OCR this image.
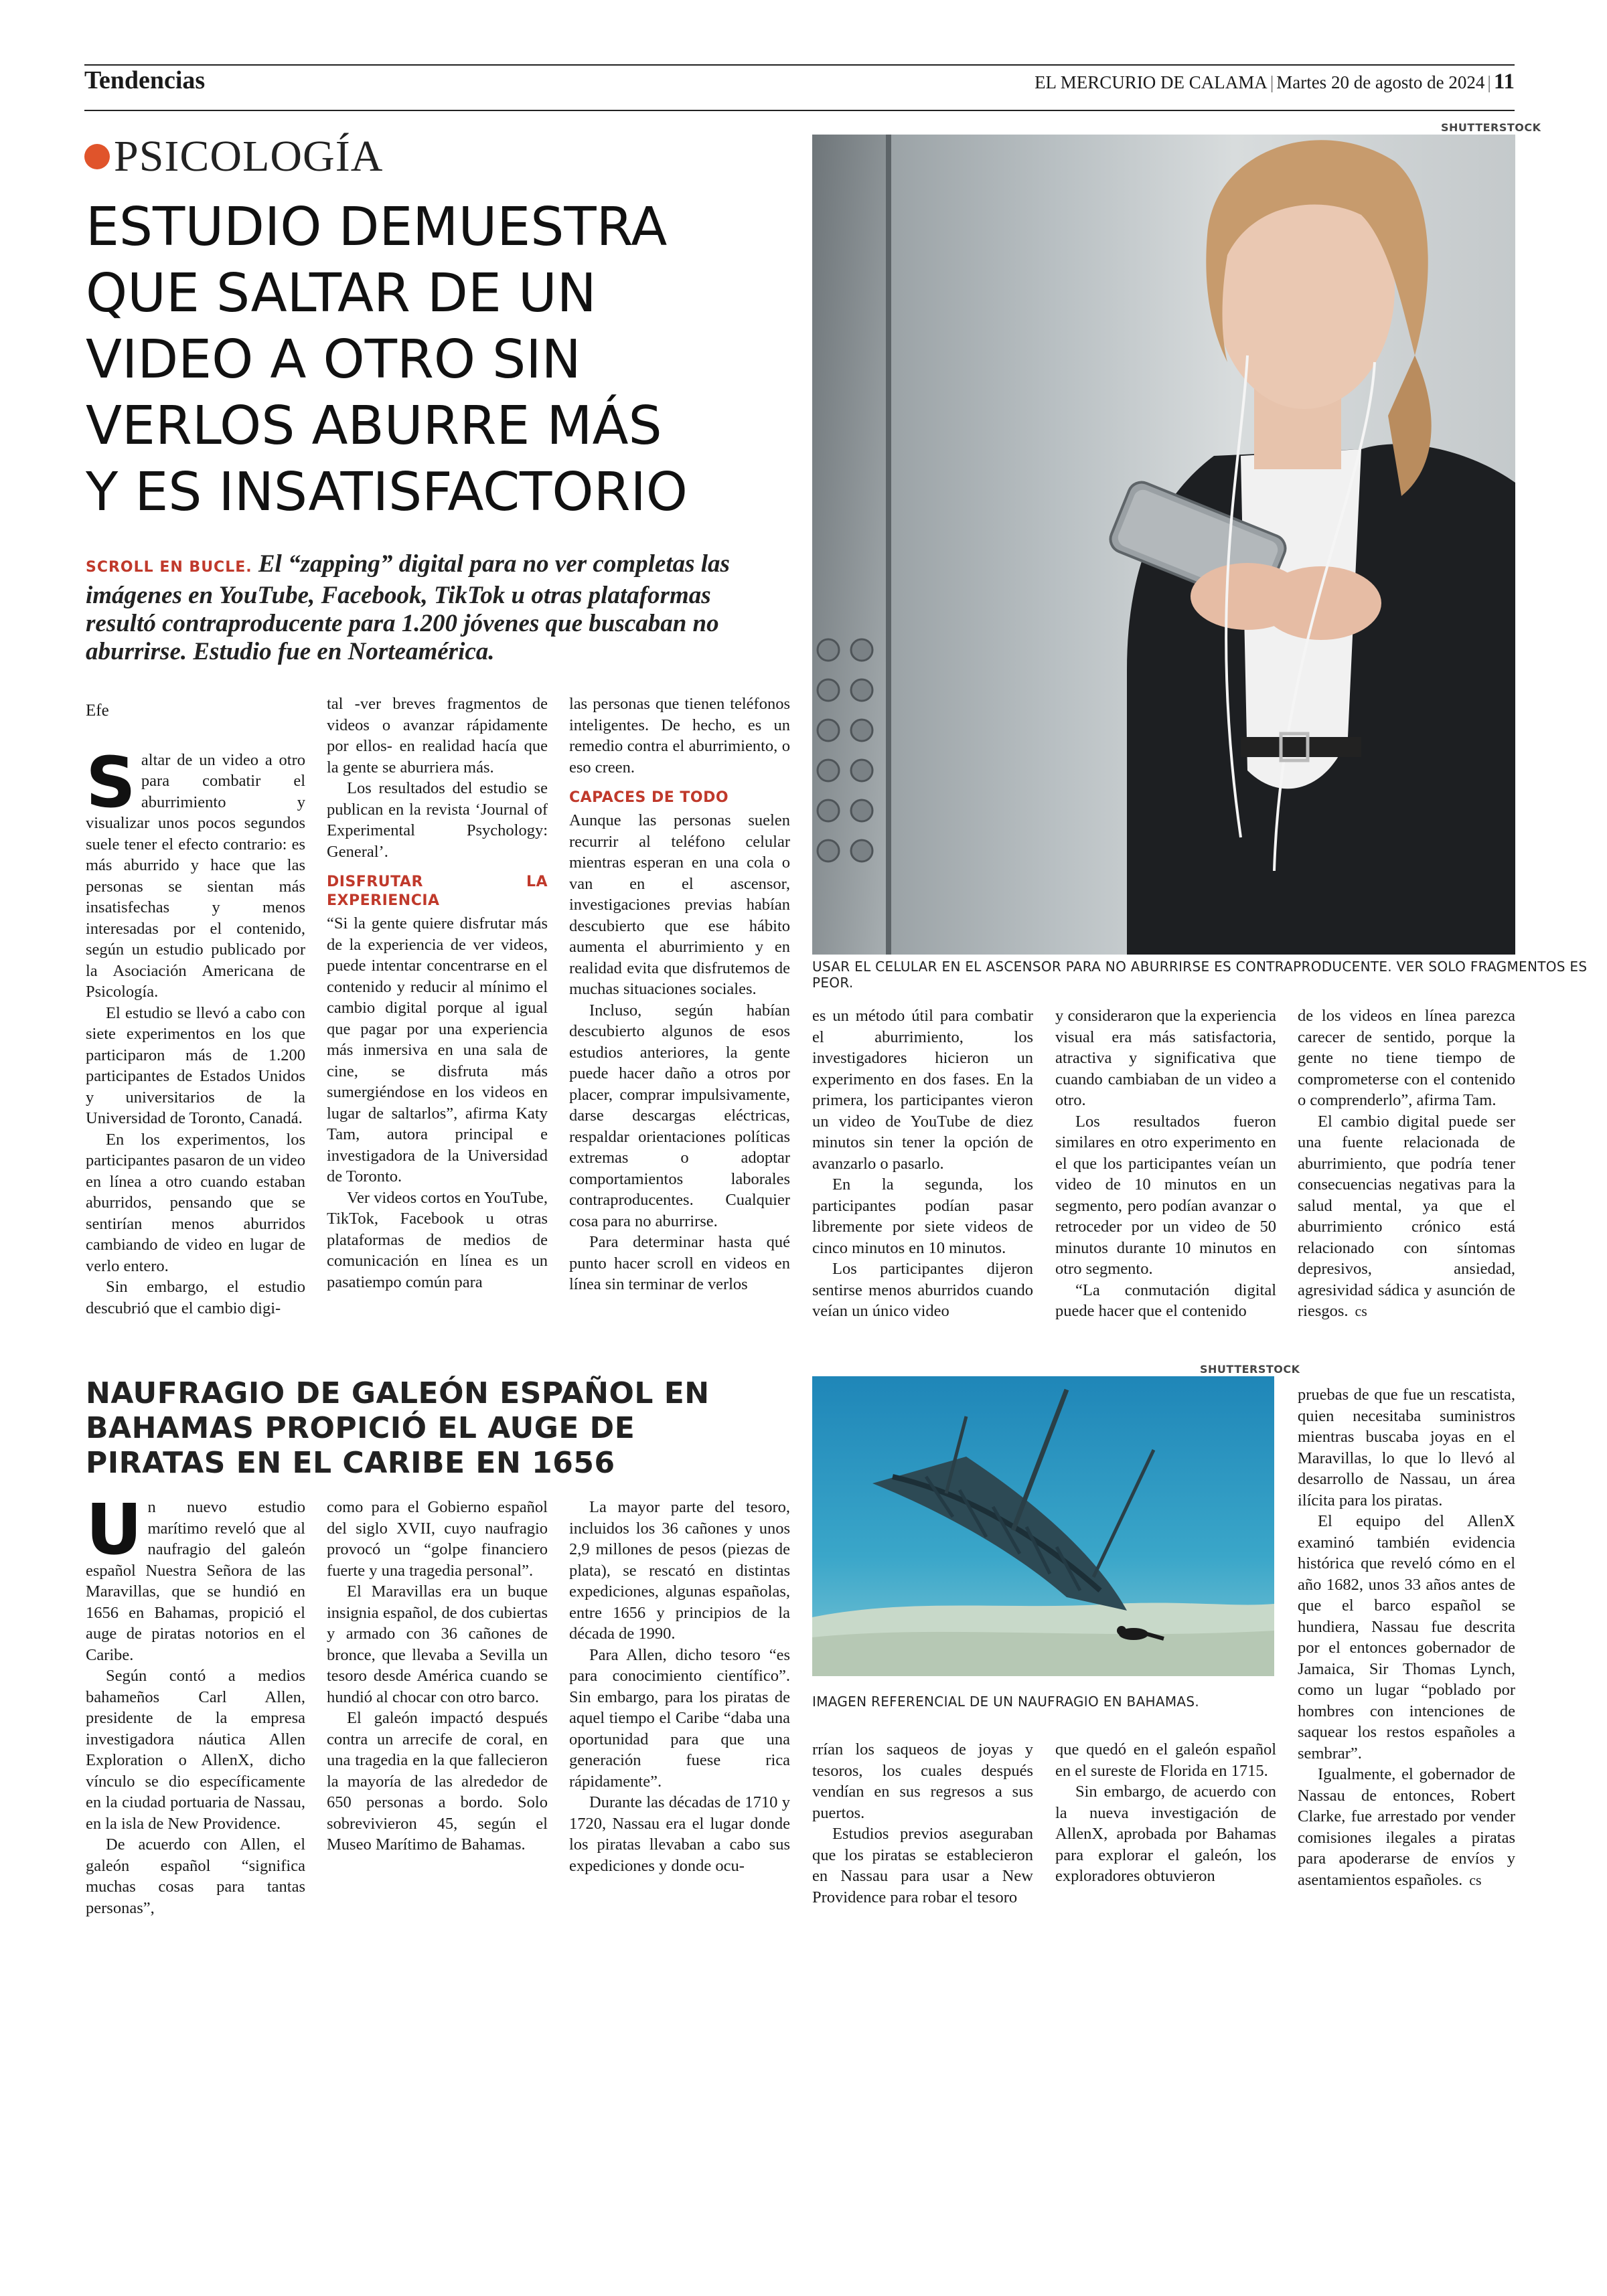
Tendencias	EL MERCURIO DE CALAMA | Martes 20 de agosto de 2024 | 11
PSICOLOGÍA
ESTUDIO DEMUESTRA
QUE SALTAR DE UN
VIDEO A OTRO SIN
VERLOS ABURRE MÁS
Y ES INSATISFACTORIO
SCROLL EN BUCLE. El “zapping” digital para no ver completas las imágenes en YouTube, Facebook, TikTok u otras plataformas resultó contraproducente para 1.200 jóvenes que buscaban no aburrirse. Estudio fue en Norteamérica.
SHUTTERSTOCK
USAR EL CELULAR EN EL ASCENSOR PARA NO ABURRIRSE ES CONTRAPRODUCENTE. VER SOLO FRAGMENTOS ES PEOR.
Efe

Saltar de un video a otro para combatir el aburrimiento y visualizar unos pocos segundos suele tener el efecto contrario: es más aburrido y hace que las personas se sientan más insatisfechas y menos interesadas por el contenido, según un estudio publicado por la Asociación Americana de Psicología.

El estudio se llevó a cabo con siete experimentos en los que participaron más de 1.200 participantes de Estados Unidos y universitarios de la Universidad de Toronto, Canadá.

En los experimentos, los participantes pasaron de un video en línea a otro cuando estaban aburridos, pensando que se sentirían menos aburridos cambiando de video en lugar de verlo entero.

Sin embargo, el estudio descubrió que el cambio digi-

tal -ver breves fragmentos de videos o avanzar rápidamente por ellos- en realidad hacía que la gente se aburriera más.

Los resultados del estudio se publican en la revista ‘Journal of Experimental Psychology: General’.

DISFRUTAR LA EXPERIENCIA

“Si la gente quiere disfrutar más de la experiencia de ver videos, puede intentar concentrarse en el contenido y reducir al mínimo el cambio digital porque al igual que pagar por una experiencia más inmersiva en una sala de cine, se disfruta más sumergiéndose en los videos en lugar de saltarlos”, afirma Katy Tam, autora principal e investigadora de la Universidad de Toronto.

Ver videos cortos en YouTube, TikTok, Facebook u otras plataformas de medios de comunicación en línea es un pasatiempo común para

las personas que tienen teléfonos inteligentes. De hecho, es un remedio contra el aburrimiento, o eso creen.

CAPACES DE TODO

Aunque las personas suelen recurrir al teléfono celular mientras esperan en una cola o van en el ascensor, investigaciones previas habían descubierto que ese hábito aumenta el aburrimiento y en realidad evita que disfrutemos de muchas situaciones sociales.

Incluso, según habían descubierto algunos de esos estudios anteriores, la gente puede hacer daño a otros por placer, comprar impulsivamente, darse descargas eléctricas, respaldar orientaciones políticas extremas o adoptar comportamientos laborales contraproducentes. Cualquier cosa para no aburrirse.

Para determinar hasta qué punto hacer scroll en videos en línea sin terminar de verlos

es un método útil para combatir el aburrimiento, los investigadores hicieron un experimento en dos fases. En la primera, los participantes vieron un video de YouTube de diez minutos sin tener la opción de avanzarlo o pasarlo.

En la segunda, los participantes podían pasar libremente por siete videos de cinco minutos en 10 minutos.

Los participantes dijeron sentirse menos aburridos cuando veían un único video

y consideraron que la experiencia visual era más satisfactoria, atractiva y significativa que cuando cambiaban de un video a otro.

Los resultados fueron similares en otro experimento en el que los participantes veían un video de 10 minutos en un segmento, pero podían avanzar o retroceder por un video de 50 minutos durante 10 minutos en otro segmento.

“La conmutación digital puede hacer que el contenido

de los videos en línea parezca carecer de sentido, porque la gente no tiene tiempo de comprometerse con el contenido o comprenderlo”, afirma Tam.

El cambio digital puede ser una fuente relacionada de aburrimiento, que podría tener consecuencias negativas para la salud mental, ya que el aburrimiento crónico está relacionado con síntomas depresivos, ansiedad, agresividad sádica y asunción de riesgos. cs

NAUFRAGIO DE GALEÓN ESPAÑOL EN BAHAMAS PROPICIÓ EL AUGE DE PIRATAS EN EL CARIBE EN 1656
SHUTTERSTOCK
IMAGEN REFERENCIAL DE UN NAUFRAGIO EN BAHAMAS.

Un nuevo estudio marítimo reveló que al naufragio del galeón español Nuestra Señora de las Maravillas, que se hundió en 1656 en Bahamas, propició el auge de piratas notorios en el Caribe.

Según contó a medios bahameños Carl Allen, presidente de la empresa investigadora náutica Allen Exploration o AllenX, dicho vínculo se dio específicamente en la ciudad portuaria de Nassau, en la isla de New Providence.

De acuerdo con Allen, el galeón español “significa muchas cosas para tantas personas”,

como para el Gobierno español del siglo XVII, cuyo naufragio provocó un “golpe financiero fuerte y una tragedia personal”.

El Maravillas era un buque insignia español, de dos cubiertas y armado con 36 cañones de bronce, que llevaba a Sevilla un tesoro desde América cuando se hundió al chocar con otro barco.

El galeón impactó después contra un arrecife de coral, en una tragedia en la que fallecieron la mayoría de las alrededor de 650 personas a bordo. Solo sobrevivieron 45, según el Museo Marítimo de Bahamas.

La mayor parte del tesoro, incluidos los 36 cañones y unos 2,9 millones de pesos (piezas de plata), se rescató en distintas expediciones, algunas españolas, entre 1656 y principios de la década de 1990.

Para Allen, dicho tesoro “es para conocimiento científico”. Sin embargo, para los piratas de aquel tiempo el Caribe “daba una oportunidad para que una generación fuese rica rápidamente”.

Durante las décadas de 1710 y 1720, Nassau era el lugar donde los piratas llevaban a cabo sus expediciones y donde ocu-

rrían los saqueos de joyas y tesoros, los cuales después vendían en sus regresos a sus puertos.

Estudios previos aseguraban que los piratas se establecieron en Nassau para usar a New Providence para robar el tesoro

que quedó en el galeón español en el sureste de Florida en 1715.

Sin embargo, de acuerdo con la nueva investigación de AllenX, aprobada por Bahamas para explorar el galeón, los exploradores obtuvieron

pruebas de que fue un rescatista, quien necesitaba suministros mientras buscaba joyas en el Maravillas, lo que lo llevó al desarrollo de Nassau, un área ilícita para los piratas.

El equipo del AllenX examinó también evidencia histórica que reveló cómo en el año 1682, unos 33 años antes de que el barco español se hundiera, Nassau fue descrita por el entonces gobernador de Jamaica, Sir Thomas Lynch, como un lugar “poblado por hombres con intenciones de saquear los restos españoles a sembrar”.

Igualmente, el gobernador de Nassau de entonces, Robert Clarke, fue arrestado por vender comisiones ilegales a piratas para apoderarse de envíos y asentamientos españoles. cs
